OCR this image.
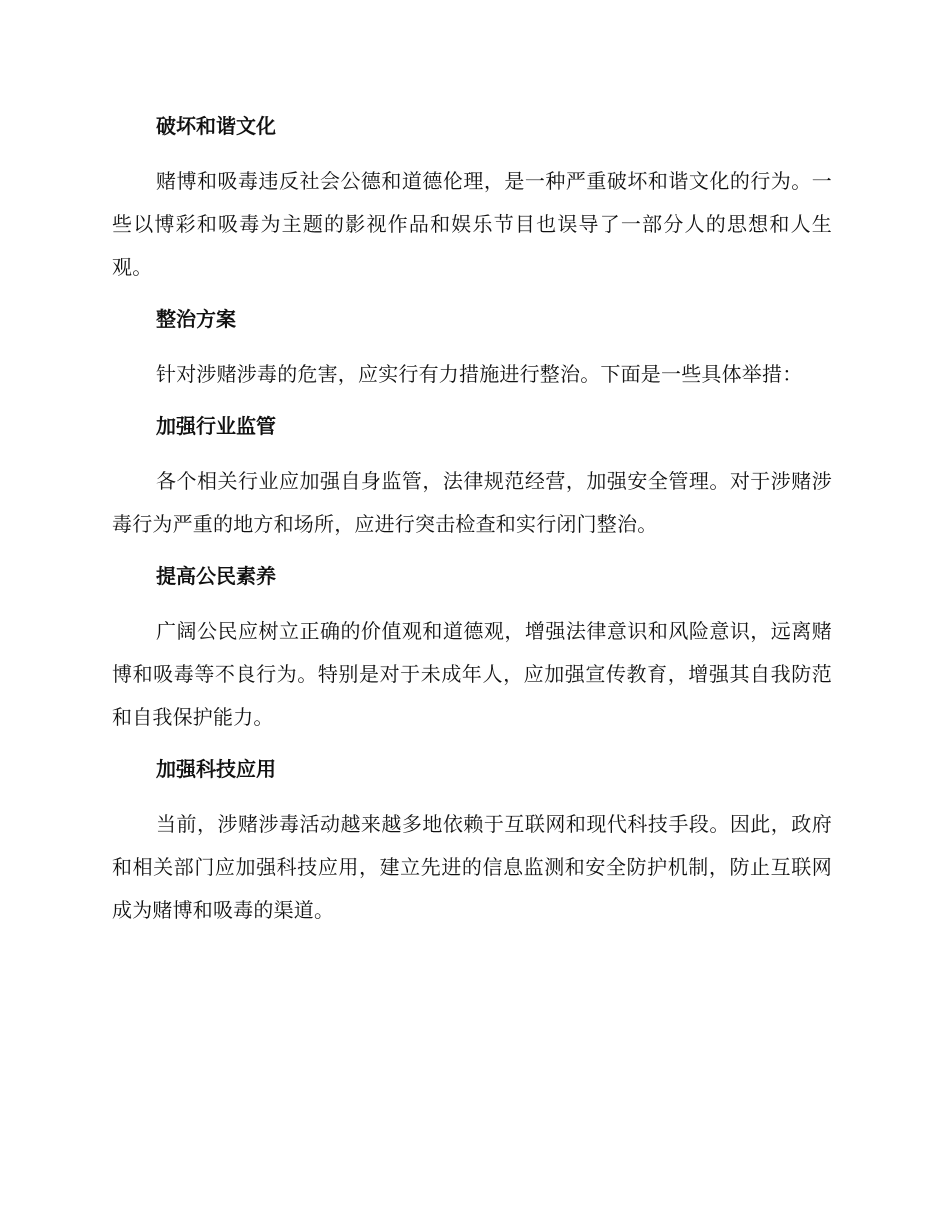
破坏和谐文化

赌博和吸毒违反社会公德和道德伦理，是一种严重破坏和谐文化的行为。一些以博彩和吸毒为主题的影视作品和娱乐节目也误导了一部分人的思想和人生观。

整治方案

针对涉赌涉毒的危害，应实行有力措施进行整治。下面是一些具体举措：

加强行业监管

各个相关行业应加强自身监管，法律规范经营，加强安全管理。对于涉赌涉毒行为严重的地方和场所，应进行突击检查和实行闭门整治。

提高公民素养

广阔公民应树立正确的价值观和道德观，增强法律意识和风险意识，远离赌博和吸毒等不良行为。特别是对于未成年人，应加强宣传教育，增强其自我防范和自我保护能力。

加强科技应用

当前，涉赌涉毒活动越来越多地依赖于互联网和现代科技手段。因此，政府和相关部门应加强科技应用，建立先进的信息监测和安全防护机制，防止互联网成为赌博和吸毒的渠道。
